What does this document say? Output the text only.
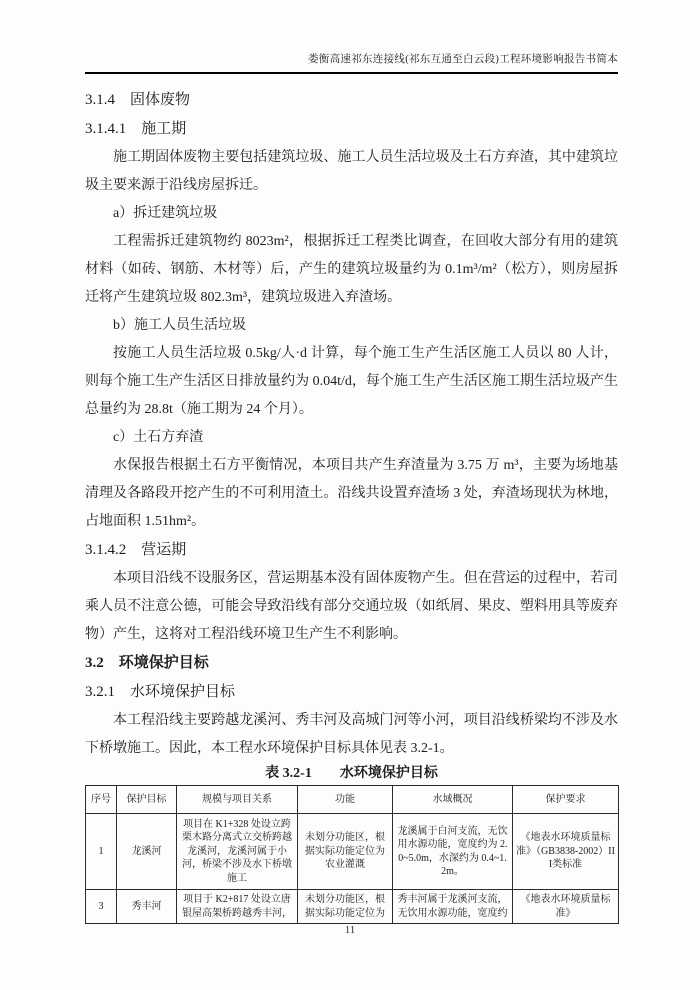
娄衡高速祁东连接线(祁东互通至白云段)工程环境影响报告书简本
3.1.4　固体废物
3.1.4.1　施工期

施工期固体废物主要包括建筑垃圾、施工人员生活垃圾及土石方弃渣，其中建筑垃圾主要来源于沿线房屋拆迁。

a）拆迁建筑垃圾

工程需拆迁建筑物约 8023m²，根据拆迁工程类比调查，在回收大部分有用的建筑材料（如砖、钢筋、木材等）后，产生的建筑垃圾量约为 0.1m³/m²（松方），则房屋拆迁将产生建筑垃圾 802.3m³，建筑垃圾进入弃渣场。

b）施工人员生活垃圾

按施工人员生活垃圾 0.5kg/人·d 计算，每个施工生产生活区施工人员以 80 人计，则每个施工生产生活区日排放量约为 0.04t/d，每个施工生产生活区施工期生活垃圾产生总量约为 28.8t（施工期为 24 个月）。

c）土石方弃渣

水保报告根据土石方平衡情况，本项目共产生弃渣量为 3.75 万 m³，主要为场地基清理及各路段开挖产生的不可利用渣土。沿线共设置弃渣场 3 处，弃渣场现状为林地，占地面积 1.51hm²。

3.1.4.2　营运期

本项目沿线不设服务区，营运期基本没有固体废物产生。但在营运的过程中，若司乘人员不注意公德，可能会导致沿线有部分交通垃圾（如纸屑、果皮、塑料用具等废弃物）产生，这将对工程沿线环境卫生产生不利影响。

3.2　环境保护目标
3.2.1　水环境保护目标

本工程沿线主要跨越龙溪河、秀丰河及高城门河等小河，项目沿线桥梁均不涉及水下桥墩施工。因此，本工程水环境保护目标具体见表 3.2-1。

表 3.2-1　　水环境保护目标
序号	保护目标	规模与项目关系	功能	水域概况	保护要求
1	龙溪河	项目在 K1+328 处设立跨栗木路分离式立交桥跨越龙溪河，龙溪河属于小河，桥梁不涉及水下桥墩施工	未划分功能区，根据实际功能定位为农业灌溉	龙溪属于白河支流，无饮用水源功能，宽度约为 2.0~5.0m，水深约为 0.4~1.2m。	《地表水环境质量标准》（GB3838-2002）III类标准
3	秀丰河	项目于 K2+817 处设立唐银屋高架桥跨越秀丰河，	未划分功能区，根据实际功能定位为	秀丰河属于龙溪河支流，无饮用水源功能，宽度约	《地表水环境质量标准》
11
